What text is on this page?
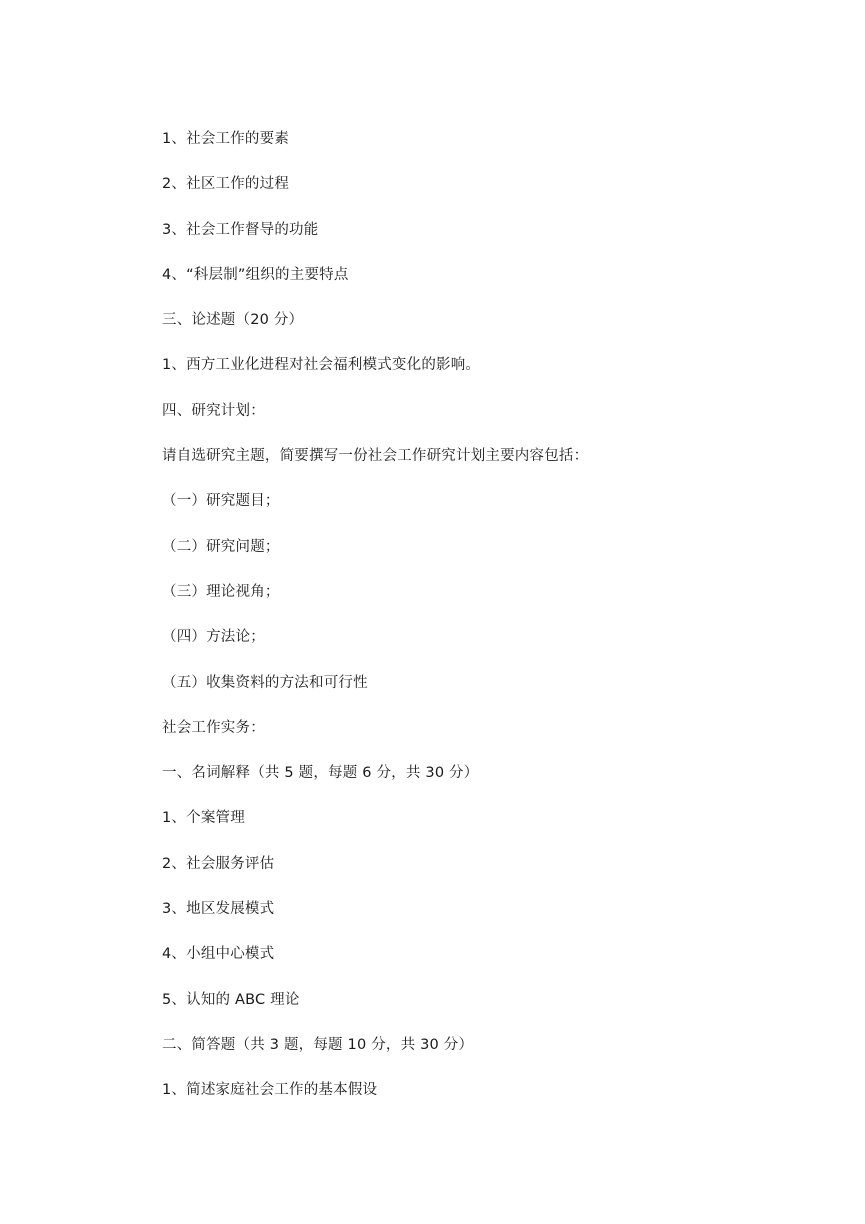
1、社会工作的要素
2、社区工作的过程
3、社会工作督导的功能
4、“科层制”组织的主要特点
三、论述题（20 分）
1、西方工业化进程对社会福利模式变化的影响。
四、研究计划：
请自选研究主题，简要撰写一份社会工作研究计划主要内容包括：
（一）研究题目；
（二）研究问题；
（三）理论视角；
（四）方法论；
（五）收集资料的方法和可行性
社会工作实务：
一、名词解释（共 5 题，每题 6 分，共 30 分）
1、个案管理
2、社会服务评估
3、地区发展模式
4、小组中心模式
5、认知的 ABC 理论
二、简答题（共 3 题，每题 10 分，共 30 分）
1、简述家庭社会工作的基本假设
